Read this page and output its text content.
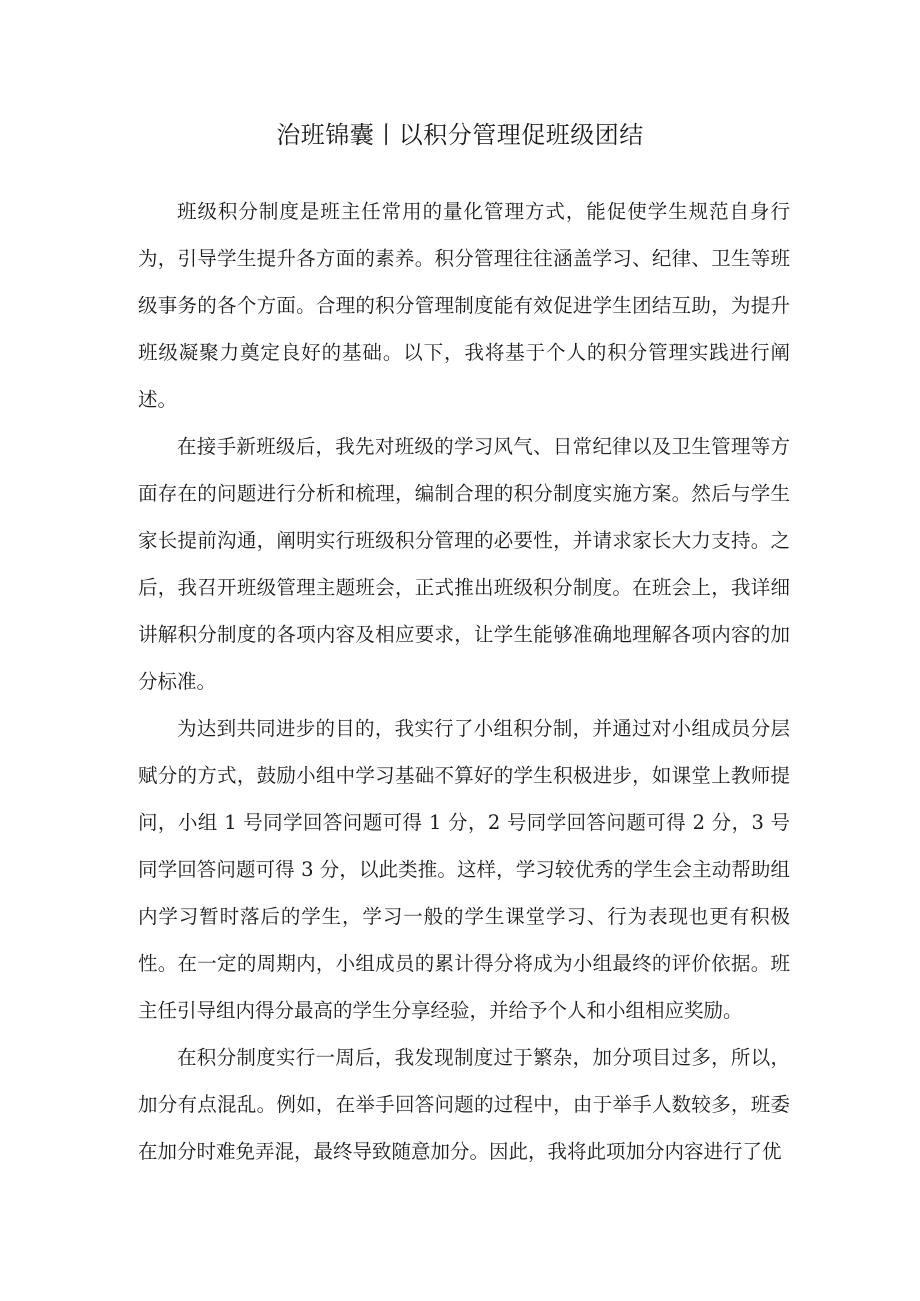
治班锦囊丨以积分管理促班级团结

班级积分制度是班主任常用的量化管理方式，能促使学生规范自身行为，引导学生提升各方面的素养。积分管理往往涵盖学习、纪律、卫生等班级事务的各个方面。合理的积分管理制度能有效促进学生团结互助，为提升班级凝聚力奠定良好的基础。以下，我将基于个人的积分管理实践进行阐述。

在接手新班级后，我先对班级的学习风气、日常纪律以及卫生管理等方面存在的问题进行分析和梳理，编制合理的积分制度实施方案。然后与学生家长提前沟通，阐明实行班级积分管理的必要性，并请求家长大力支持。之后，我召开班级管理主题班会，正式推出班级积分制度。在班会上，我详细讲解积分制度的各项内容及相应要求，让学生能够准确地理解各项内容的加分标准。

为达到共同进步的目的，我实行了小组积分制，并通过对小组成员分层赋分的方式，鼓励小组中学习基础不算好的学生积极进步，如课堂上教师提问，小组 1 号同学回答问题可得 1 分，2 号同学回答问题可得 2 分，3 号同学回答问题可得 3 分，以此类推。这样，学习较优秀的学生会主动帮助组内学习暂时落后的学生，学习一般的学生课堂学习、行为表现也更有积极性。在一定的周期内，小组成员的累计得分将成为小组最终的评价依据。班主任引导组内得分最高的学生分享经验，并给予个人和小组相应奖励。

在积分制度实行一周后，我发现制度过于繁杂，加分项目过多，所以，加分有点混乱。例如，在举手回答问题的过程中，由于举手人数较多，班委在加分时难免弄混，最终导致随意加分。因此，我将此项加分内容进行了优
